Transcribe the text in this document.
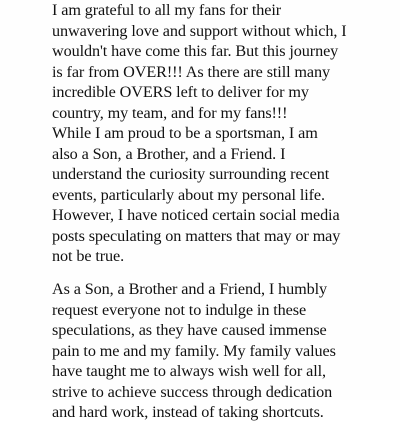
I am grateful to all my fans for their
unwavering love and support without which, I
wouldn't have come this far. But this journey
is far from OVER!!! As there are still many
incredible OVERS left to deliver for my
country, my team, and for my fans!!!
While I am proud to be a sportsman, I am
also a Son, a Brother, and a Friend. I
understand the curiosity surrounding recent
events, particularly about my personal life.
However, I have noticed certain social media
posts speculating on matters that may or may
not be true.
As a Son, a Brother and a Friend, I humbly
request everyone not to indulge in these
speculations, as they have caused immense
pain to me and my family. My family values
have taught me to always wish well for all,
strive to achieve success through dedication
and hard work, instead of taking shortcuts.
